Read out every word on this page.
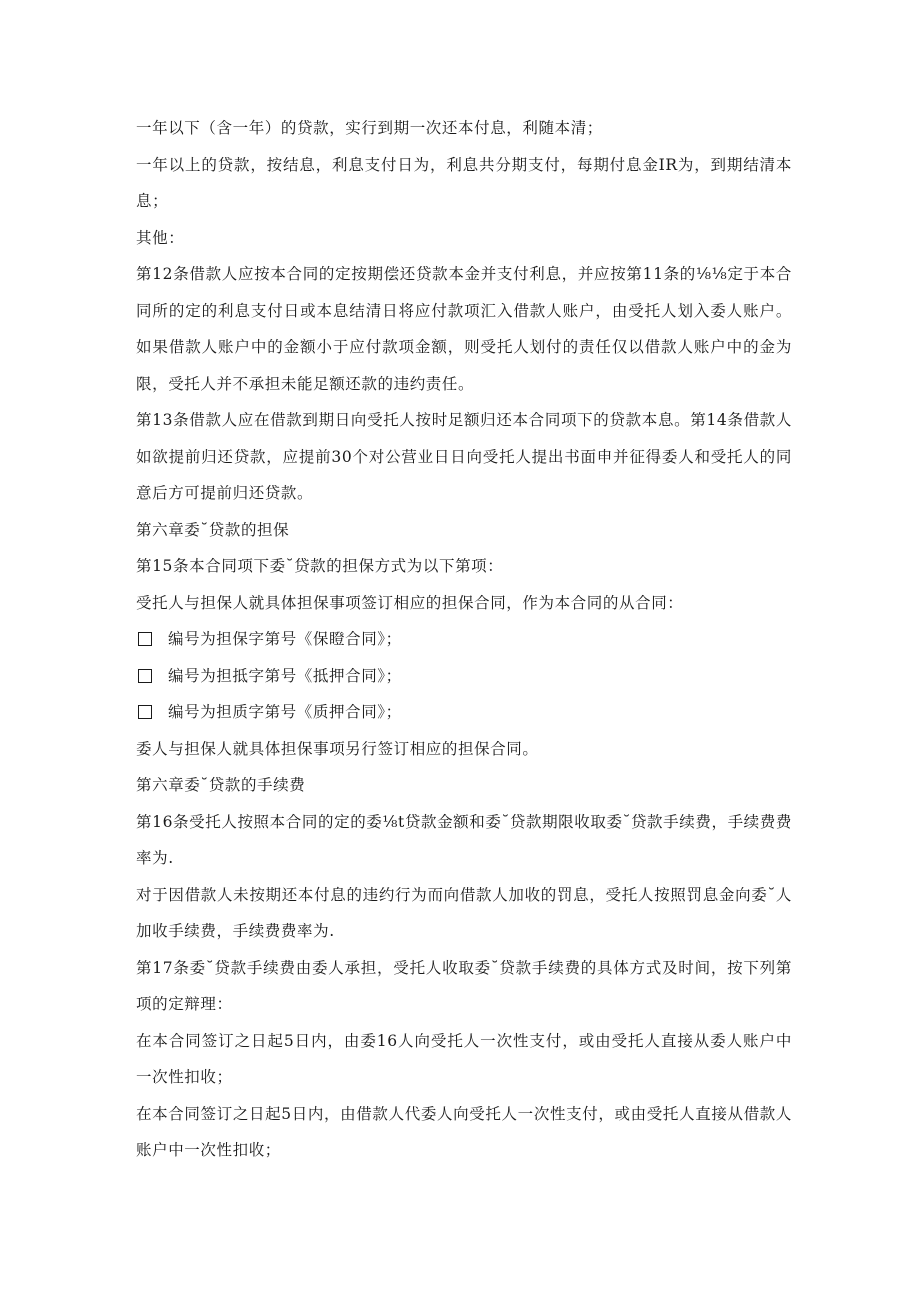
一年以下（含一年）的贷款，实行到期一次还本付息，利随本清；

一年以上的贷款，按结息，利息支付日为，利息共分期支付，每期付息金IR为，到期结清本息；

其他：

第12条借款人应按本合同的定按期偿还贷款本金并支付利息，并应按第11条的⅛⅛定于本合同所的定的利息支付日或本息结清日将应付款项汇入借款人账户，由受托人划入委人账户。如果借款人账户中的金额小于应付款项金额，则受托人划付的责任仅以借款人账户中的金为限，受托人并不承担未能足额还款的违约责任。

第13条借款人应在借款到期日向受托人按时足额归还本合同项下的贷款本息。第14条借款人如欲提前归还贷款，应提前30个对公营业日日向受托人提出书面申并征得委人和受托人的同意后方可提前归还贷款。

第六章委˘贷款的担保

第15条本合同项下委˘贷款的担保方式为以下第项：

受托人与担保人就具体担保事项签订相应的担保合同，作为本合同的从合同：

编号为担保字第号《保瞪合同》；
编号为担抵字第号《抵押合同》；
编号为担质字第号《质押合同》；

委人与担保人就具体担保事项另行签订相应的担保合同。

第六章委˘贷款的手续费

第16条受托人按照本合同的定的委⅛t贷款金额和委˘贷款期限收取委˘贷款手续费，手续费费率为.

对于因借款人未按期还本付息的违约行为而向借款人加收的罚息，受托人按照罚息金向委˘人加收手续费，手续费费率为.

第17条委˘贷款手续费由委人承担，受托人收取委˘贷款手续费的具体方式及时间，按下列第项的定辩理：

在本合同签订之日起5日内，由委16人向受托人一次性支付，或由受托人直接从委人账户中一次性扣收；

在本合同签订之日起5日内，由借款人代委人向受托人一次性支付，或由受托人直接从借款人账户中一次性扣收；
